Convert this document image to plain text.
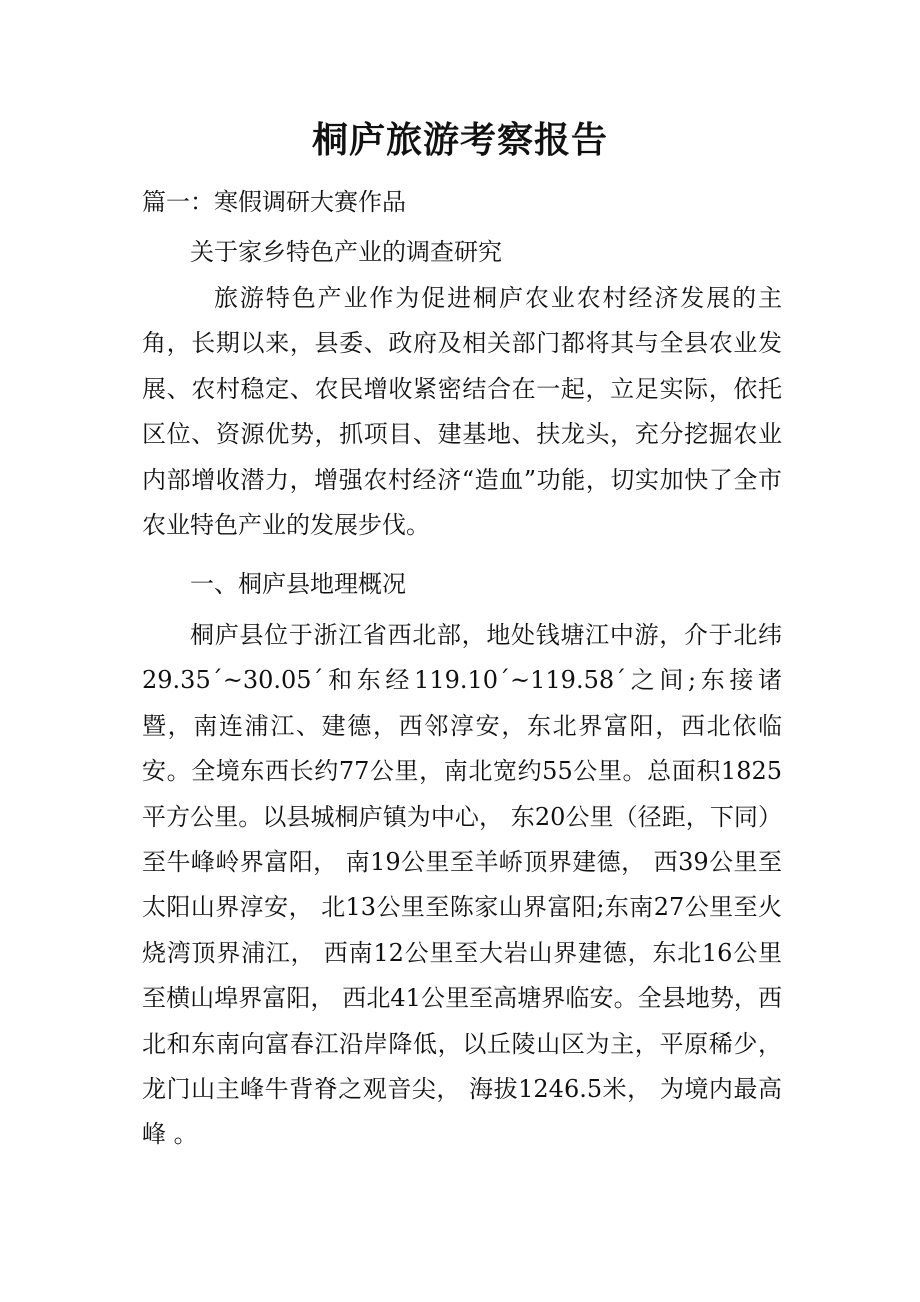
桐庐旅游考察报告
篇一：寒假调研大赛作品
关于家乡特色产业的调查研究
旅游特色产业作为促进桐庐农业农村经济发展的主角，长期以来，县委、政府及相关部门都将其与全县农业发展、农村稳定、农民增收紧密结合在一起，立足实际，依托区位、资源优势，抓项目、建基地、扶龙头，充分挖掘农业内部增收潜力，增强农村经济“造血”功能，切实加快了全市农业特色产业的发展步伐。
一、桐庐县地理概况
桐庐县位于浙江省西北部，地处钱塘江中游，介于北纬29.35´~30.05´和东经119.10´~119.58´之间;东接诸暨，南连浦江、建德，西邻淳安，东北界富阳，西北依临安。全境东西长约77公里，南北宽约55公里。总面积1825平方公里。以县城桐庐镇为中心， 东20公里（径距，下同）至牛峰岭界富阳， 南19公里至羊峤顶界建德， 西39公里至太阳山界淳安， 北13公里至陈家山界富阳;东南27公里至火烧湾顶界浦江， 西南12公里至大岩山界建德，东北16公里至横山埠界富阳， 西北41公里至高塘界临安。全县地势，西北和东南向富春江沿岸降低，以丘陵山区为主，平原稀少，龙门山主峰牛背脊之观音尖， 海拔1246.5米， 为境内最高峰 。
